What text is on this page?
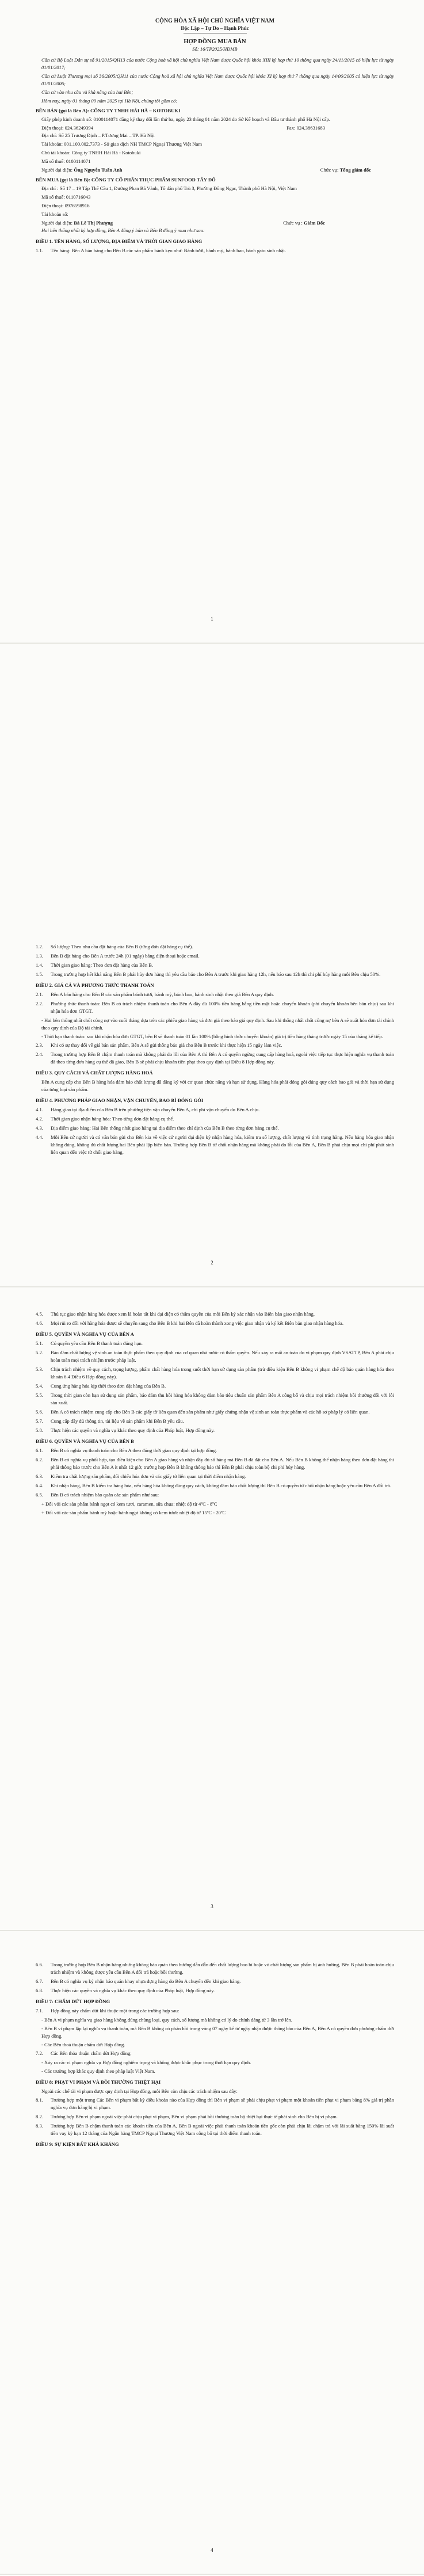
CỘNG HÒA XÃ HỘI CHỦ NGHĨA VIỆT NAM
Độc Lập – Tự Do – Hạnh Phúc
HỢP ĐỒNG MUA BÁN
Số: 16/TP2025/HĐMB

Căn cứ Bộ Luật Dân sự số 91/2015/QH13 của nước Cộng hoà xã hội chủ nghĩa Việt Nam được Quốc hội khóa XIII kỳ họp thứ 10 thông qua ngày 24/11/2015 có hiệu lực từ ngày 01/01/2017;

Căn cứ Luật Thương mại số 36/2005/QH11 của nước Cộng hoà xã hội chủ nghĩa Việt Nam được Quốc hội khóa XI kỳ họp thứ 7 thông qua ngày 14/06/2005 có hiệu lực từ ngày 01/01/2006;

Căn cứ vào nhu cầu và khả năng của hai Bên;

Hôm nay, ngày 01 tháng 09 năm 2025 tại Hà Nội, chúng tôi gồm có:

BÊN BÁN (gọi là Bên A): CÔNG TY TNHH HẢI HÀ – KOTOBUKI

Giấy phép kinh doanh số: 0100114071 đăng ký thay đổi lần thứ ba, ngày 23 tháng 01 năm 2024 do Sở Kế hoạch và Đầu tư thành phố Hà Nội cấp.

Điện thoại: 024.36249394	Fax: 024.38631683

Địa chỉ: Số 25 Trương Định – P.Tương Mai – TP. Hà Nội

Tài khoản: 001.100.002.7373 - Sở giao dịch NH TMCP Ngoại Thương Việt Nam

Chủ tài khoản: Công ty TNHH Hải Hà - Kotobuki

Mã số thuế: 0100114071

Người đại diện: Ông Nguyễn Tuấn Anh	Chức vụ: Tổng giám đốc

BÊN MUA (gọi là Bên B): CÔNG TY CỔ PHẦN THỰC PHẨM SUNFOOD TÂY ĐÔ

Địa chỉ : Số 17 – 19 Tập Thể Cầu 1, Đường Phan Bá Vành, Tổ dân phố Trù 3, Phường Đông Ngạc, Thành phố Hà Nội, Việt Nam

Mã số thuế: 0110716043

Điện thoại: 0976598916

Tài khoản số:

Người đại diện: Bà Lê Thị Phượng	Chức vụ : Giám Đốc

Hai bên thống nhất ký hợp đồng, Bên A đồng ý bán và Bên B đồng ý mua như sau:

ĐIỀU 1. TÊN HÀNG, SỐ LƯỢNG, ĐỊA ĐIỂM VÀ THỜI GIAN GIAO HÀNG

1.1.	Tên hàng: Bên A bán hàng cho Bên B các sản phẩm bánh kẹo như: Bánh tươi, bánh mỳ, bánh bao, bánh gato sinh nhật.
1
1.2.	Số lượng: Theo nhu cầu đặt hàng của Bên B (từng đơn đặt hàng cụ thể).
1.3.	Bên B đặt hàng cho Bên A trước 24h (01 ngày) bằng điện thoại hoặc email.
1.4.	Thời gian giao hàng: Theo đơn đặt hàng của Bên B.
1.5.	Trong trường hợp hết khả năng Bên B phải hủy đơn hàng thì yêu cầu báo cho Bên A trước khi giao hàng 12h, nếu báo sau 12h thì chi phí hủy hàng mỗi Bên chịu 50%.

ĐIỀU 2. GIÁ CẢ VÀ PHƯƠNG THỨC THANH TOÁN

2.1.	Bên A bán hàng cho Bên B các sản phẩm bánh tươi, bánh mỳ, bánh bao, bánh sinh nhật theo giá Bên A quy định.
2.2.	Phương thức thanh toán: Bên B có trách nhiệm thanh toán cho Bên A đầy đủ 100% tiền hàng bằng tiền mặt hoặc chuyển khoản (phí chuyển khoản bên bán chịu) sau khi nhận hóa đơn GTGT.

- Hai bên thống nhất chốt công nợ vào cuối tháng dựa trên các phiếu giao hàng và đơn giá theo bảo giá quy định. Sau khi thống nhất chốt công nợ bên A sẽ xuất hóa đơn tài chính theo quy định của Bộ tài chính.

- Thời hạn thanh toán: sau khi nhận hóa đơn GTGT, bên B sẽ thanh toán 01 lần 100% (bằng hình thức chuyển khoản) giá trị tiền hàng tháng trước ngày 15 của tháng kế tiếp.

2.3.	Khi có sự thay đổi về giá bán sản phẩm, Bên A sẽ gửi thông báo giá cho Bên B trước khi thực hiện 15 ngày làm việc.
2.4.	Trong trường hợp Bên B chậm thanh toán mà không phải do lỗi của Bên A thì Bên A có quyền ngừng cung cấp hàng hoá, ngoài việc tiếp tục thực hiện nghĩa vụ thanh toán đã theo từng đơn hàng cụ thể đã giao, Bên B sẽ phải chịu khoản tiền phạt theo quy định tại Điều 8 Hợp đồng này.

ĐIỀU 3. QUY CÁCH VÀ CHẤT LƯỢNG HÀNG HOÁ

Bên A cung cấp cho Bên B hàng hóa đảm bảo chất lượng đã đăng ký với cơ quan chức năng và hạn sử dụng. Hàng hóa phải đóng gói đúng quy cách bao gói và thời hạn sử dụng của từng loại sản phẩm.

ĐIỀU 4. PHƯƠNG PHÁP GIAO NHẬN, VẬN CHUYỂN, BAO BÌ ĐÓNG GÓI

4.1.	Hàng giao tại địa điểm của Bên B trên phương tiện vận chuyển Bên A, chi phí vận chuyển do Bên A chịu.
4.2.	Thời gian giao nhận hàng hóa: Theo từng đơn đặt hàng cụ thể.
4.3.	Địa điểm giao hàng: Hai Bên thống nhất giao hàng tại địa điểm theo chỉ định của Bên B theo từng đơn hàng cụ thể.
4.4.	Mỗi Bên cử người và có văn bản gửi cho Bên kia về việc cử người đại diện ký nhận hàng hóa, kiểm tra số lượng, chất lượng và tình trạng hàng. Nếu hàng hóa giao nhận không đúng, không đủ chất lượng hai Bên phải lập biên bản. Trường hợp Bên B từ chối nhận hàng mà không phải do lỗi của Bên A, Bên B phải chịu mọi chi phí phát sinh liên quan đến việc từ chối giao hàng.
2
4.5.	Thủ tục giao nhận hàng hóa được xem là hoàn tất khi đại diện có thẩm quyền của mỗi Bên ký xác nhận vào Biên bản giao nhận hàng.
4.6.	Mọi rủi ro đối với hàng hóa được sẽ chuyển sang cho Bên B khi hai Bên đã hoàn thành xong việc giao nhận và ký kết Biên bản giao nhận hàng hóa.

ĐIỀU 5. QUYỀN VÀ NGHĨA VỤ CỦA BÊN A

5.1.	Có quyền yêu cầu Bên B thanh toán đúng hạn.
5.2.	Bảo đảm chất lượng vệ sinh an toàn thực phẩm theo quy định của cơ quan nhà nước có thẩm quyền. Nếu xảy ra mất an toàn do vi phạm quy định VSATTP, Bên A phải chịu hoàn toàn mọi trách nhiệm trước pháp luật.
5.3.	Chịu trách nhiệm về quy cách, trọng lượng, phẩm chất hàng hóa trong suốt thời hạn sử dụng sản phẩm (trừ điều kiện Bên B không vi phạm chế độ bảo quản hàng hóa theo khoản 6.4 Điều 6 Hợp đồng này).
5.4.	Cung ứng hàng hóa kịp thời theo đơn đặt hàng của Bên B.
5.5.	Trong thời gian còn hạn sử dụng sản phẩm, bảo đảm thu hồi hàng hóa không đảm bảo tiêu chuẩn sản phẩm Bên A công bố và chịu mọi trách nhiệm bồi thường đối với lỗi sản xuất.
5.6.	Bên A có trách nhiệm cung cấp cho Bên B các giấy tờ liên quan đến sản phẩm như giấy chứng nhận vệ sinh an toàn thực phẩm và các hồ sơ pháp lý có liên quan.
5.7.	Cung cấp đầy đủ thông tin, tài liệu về sản phẩm khi Bên B yêu cầu.
5.8.	Thực hiện các quyền và nghĩa vụ khác theo quy định của Pháp luật, Hợp đồng này.

ĐIỀU 6. QUYỀN VÀ NGHĨA VỤ CỦA BÊN B

6.1.	Bên B có nghĩa vụ thanh toán cho Bên A theo đúng thời gian quy định tại hợp đồng.
6.2.	Bên B có nghĩa vụ phối hợp, tạo điều kiện cho Bên A giao hàng và nhận đầy đủ số hàng mà Bên B đã đặt cho Bên A. Nếu Bên B không thể nhận hàng theo đơn đặt hàng thì phải thông báo trước cho Bên A ít nhất 12 giờ, trường hợp Bên B không thông báo thì Bên B phải chịu toàn bộ chi phí hủy hàng.
6.3.	Kiểm tra chất lượng sản phẩm, đối chiếu hóa đơn và các giấy tờ liên quan tại thời điểm nhận hàng.
6.4.	Khi nhận hàng, Bên B kiểm tra hàng hóa, nếu hàng hóa không đúng quy cách, không đảm bảo chất lượng thì Bên B có quyền từ chối nhận hàng hoặc yêu cầu Bên A đổi trả.
6.5.	Bên B có trách nhiệm bảo quản các sản phẩm như sau:

+ Đối với các sản phẩm bánh ngọt có kem tươi, caramen, sữa chua: nhiệt độ từ 4ºC - 8ºC

+ Đối với các sản phẩm bánh mỳ hoặc bánh ngọt không có kem tươi: nhiệt độ từ 15ºC - 20ºC

3
6.6.	Trong trường hợp Bên B nhận hàng nhưng không bảo quản theo hướng dẫn dẫn đến chất lượng bao bì hoặc vỏ chất lượng sản phẩm bị ảnh hưởng, Bên B phải hoàn toàn chịu trách nhiệm và không được yêu cầu Bên A đổi trả hoặc bồi thường.
6.7.	Bên B có nghĩa vụ ký nhận báo quản khay nhựa đựng hàng do Bên A chuyển đến khi giao hàng.
6.8.	Thực hiện các quyền và nghĩa vụ khác theo quy định của Pháp luật, Hợp đồng này.

ĐIỀU 7: CHẤM DỨT HỢP ĐỒNG

7.1.	Hợp đồng này chấm dứt khi thuộc một trong các trường hợp sau:

- Bên A vi phạm nghĩa vụ giao hàng không đúng chủng loại, quy cách, số lượng mà không có lý do chính đáng từ 3 lần trở lên.

- Bên B vi phạm lặp lại nghĩa vụ thanh toán, mà Bên B không có phản hồi trong vòng 07 ngày kể từ ngày nhận được thông báo của Bên A, Bên A có quyền đơn phương chấm dứt Hợp đồng.

- Các Bên thoả thuận chấm dứt Hợp đồng.

7.2.	Các Bên thỏa thuận chấm dứt Hợp đồng;

- Xảy ra các vi phạm nghĩa vụ Hợp đồng nghiêm trọng và không được khắc phục trong thời hạn quy định.

- Các trường hợp khác quy định theo pháp luật Việt Nam.

ĐIỀU 8: PHẠT VI PHẠM VÀ BỒI THƯỜNG THIỆT HẠI

Ngoài các chế tài vi phạm được quy định tại Hợp đồng, mỗi Bên còn chịu các trách nhiệm sau đây:

8.1.	Trường hợp một trong Các Bên vi phạm bất kỳ điều khoản nào của Hợp đồng thì Bên vi phạm sẽ phải chịu phạt vi phạm một khoản tiền phạt vi phạm bằng 8% giá trị phần nghĩa vụ đơn hàng bị vi phạm.
8.2.	Trường hợp Bên vi phạm ngoài việc phải chịu phạt vi phạm, Bên vi phạm phải bồi thường toàn bộ thiệt hại thực tế phát sinh cho Bên bị vi phạm.
8.3.	Trường hợp Bên B chậm thanh toán các khoản tiền của Bên A, Bên B ngoài việc phải thanh toán khoản tiền gốc còn phải chịu lãi chậm trả với lãi suất bằng 150% lãi suất tiền vay kỳ hạn 12 tháng của Ngân hàng TMCP Ngoại Thương Việt Nam công bố tại thời điểm thanh toán.

ĐIỀU 9: SỰ KIỆN BẤT KHẢ KHÁNG

4
